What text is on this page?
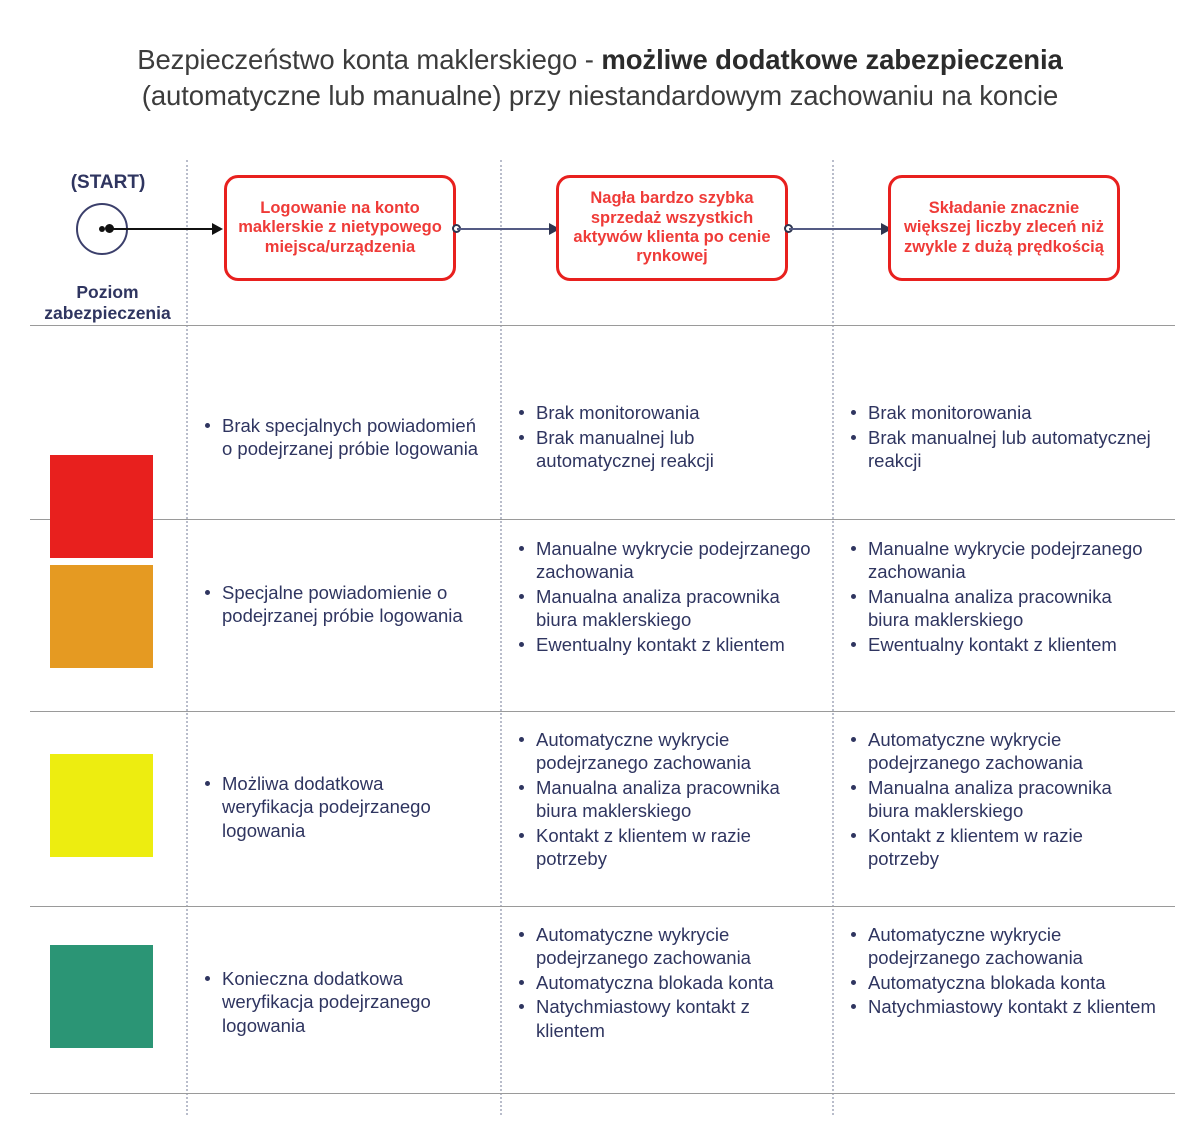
Bezpieczeństwo konta maklerskiego - możliwe dodatkowe zabezpieczenia
(automatyczne lub manualne) przy niestandardowym zachowaniu na koncie
(START)
Poziom zabezpieczenia
Logowanie na konto maklerskie z nietypowego miejsca/urządzenia
Nagła bardzo szybka sprzedaż wszystkich aktywów klienta po cenie rynkowej
Składanie znacznie większej liczby zleceń niż zwykle z dużą prędkością
Brak specjalnych powiadomień o podejrzanej próbie logowania
Brak monitorowania
Brak manualnej lub automatycznej reakcji
Brak monitorowania
Brak manualnej lub automatycznej reakcji
Specjalne powiadomienie o podejrzanej próbie logowania
Manualne wykrycie podejrzanego zachowania
Manualna analiza pracownika biura maklerskiego
Ewentualny kontakt z klientem
Manualne wykrycie podejrzanego zachowania
Manualna analiza pracownika biura maklerskiego
Ewentualny kontakt z klientem
Możliwa dodatkowa weryfikacja podejrzanego logowania
Automatyczne wykrycie podejrzanego zachowania
Manualna analiza pracownika biura maklerskiego
Kontakt z klientem w razie potrzeby
Automatyczne wykrycie podejrzanego zachowania
Manualna analiza pracownika biura maklerskiego
Kontakt z klientem w razie potrzeby
Konieczna dodatkowa weryfikacja podejrzanego logowania
Automatyczne wykrycie podejrzanego zachowania
Automatyczna blokada konta
Natychmiastowy kontakt z klientem
Automatyczne wykrycie podejrzanego zachowania
Automatyczna blokada konta
Natychmiastowy kontakt z klientem
